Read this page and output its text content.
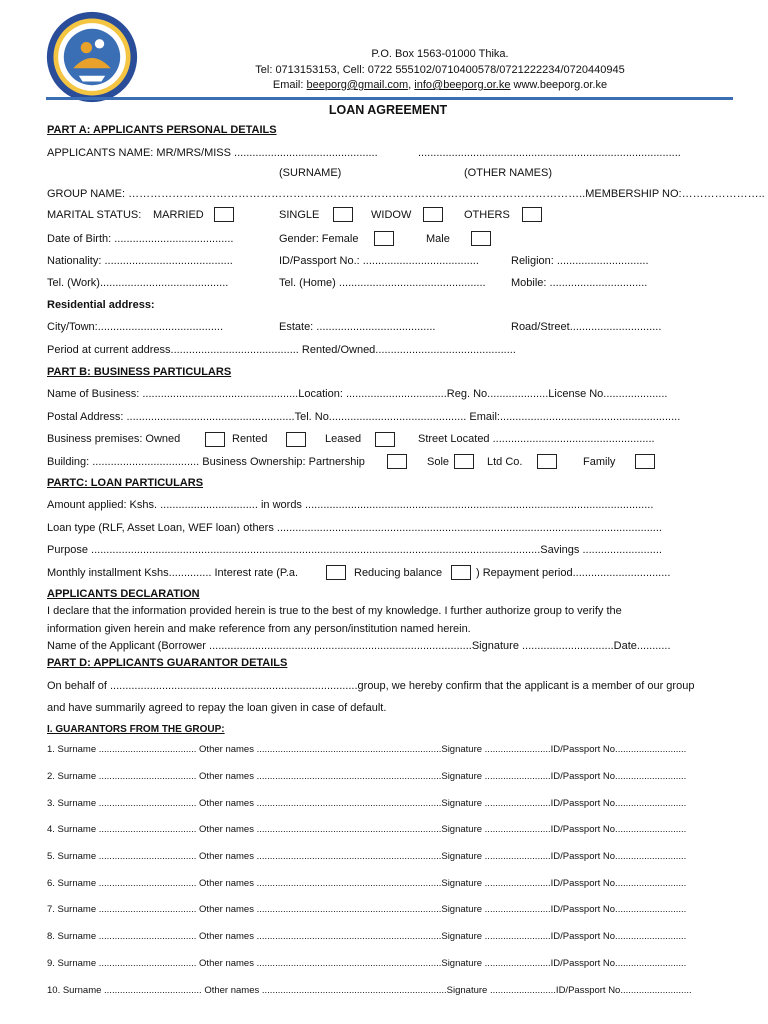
P.O. Box 1563-01000 Thika.
Tel: 0713153153, Cell: 0722 555102/0710400578/0721222234/0720440945
Email: beeporg@gmail.com, info@beeporg.or.ke www.beeporg.or.ke
LOAN AGREEMENT
PART A: APPLICANTS PERSONAL DETAILS
APPLICANTS NAME: MR/MRS/MISS ...............................................	......................................................................................
(SURNAME)	(OTHER NAMES)
GROUP NAME: ……………………………………………………………………………………………………………..MEMBERSHIP NO:…………………..
MARITAL STATUS: MARRIED	SINGLE	WIDOW	OTHERS
Date of Birth: .......................................	Gender: Female	Male
Nationality: ..........................................	ID/Passport No.: ......................................	Religion: ..............................
Tel. (Work)..........................................	Tel. (Home) ................................................ Mobile: ................................
Residential address:
City/Town:.........................................	Estate: .......................................	Road/Street..............................
Period at current address.......................................... Rented/Owned..............................................
PART B: BUSINESS PARTICULARS
Name of Business: ...................................................Location: .................................Reg. No....................License No.....................
Postal Address: .......................................................Tel. No............................................. Email:...........................................................
Business premises: Owned	Rented	Leased	Street Located .....................................................
Building: ................................... Business Ownership: Partnership	Sole	Ltd Co.	Family
PARTC: LOAN PARTICULARS
Amount applied: Kshs. ................................ in words ..................................................................................................................
Loan type (RLF, Asset Loan, WEF loan) others ..............................................................................................................................
Purpose ...................................................................................................................................................Savings ..........................
Monthly installment Kshs.............. Interest rate (P.a.	Reducing balance	) Repayment period................................
APPLICANTS DECLARATION
I declare that the information provided herein is true to the best of my knowledge. I further authorize group to verify the
information given herein and make reference from any person/institution named herein.
Name of the Applicant (Borrower ......................................................................................Signature ..............................Date...........
PART D: APPLICANTS GUARANTOR DETAILS
On behalf of .................................................................................group, we hereby confirm that the applicant is a member of our group
and have summarily agreed to repay the loan given in case of default.
I. GUARANTORS FROM THE GROUP:
1. Surname ..................................... Other names ......................................................................Signature .........................ID/Passport No...........................
2. Surname ..................................... Other names ......................................................................Signature .........................ID/Passport No...........................
3. Surname ..................................... Other names ......................................................................Signature .........................ID/Passport No...........................
4. Surname ..................................... Other names ......................................................................Signature .........................ID/Passport No...........................
5. Surname ..................................... Other names ......................................................................Signature .........................ID/Passport No...........................
6. Surname ..................................... Other names ......................................................................Signature .........................ID/Passport No...........................
7. Surname ..................................... Other names ......................................................................Signature .........................ID/Passport No...........................
8. Surname ..................................... Other names ......................................................................Signature .........................ID/Passport No...........................
9. Surname ..................................... Other names ......................................................................Signature .........................ID/Passport No...........................
10. Surname ..................................... Other names ......................................................................Signature .........................ID/Passport No...........................
